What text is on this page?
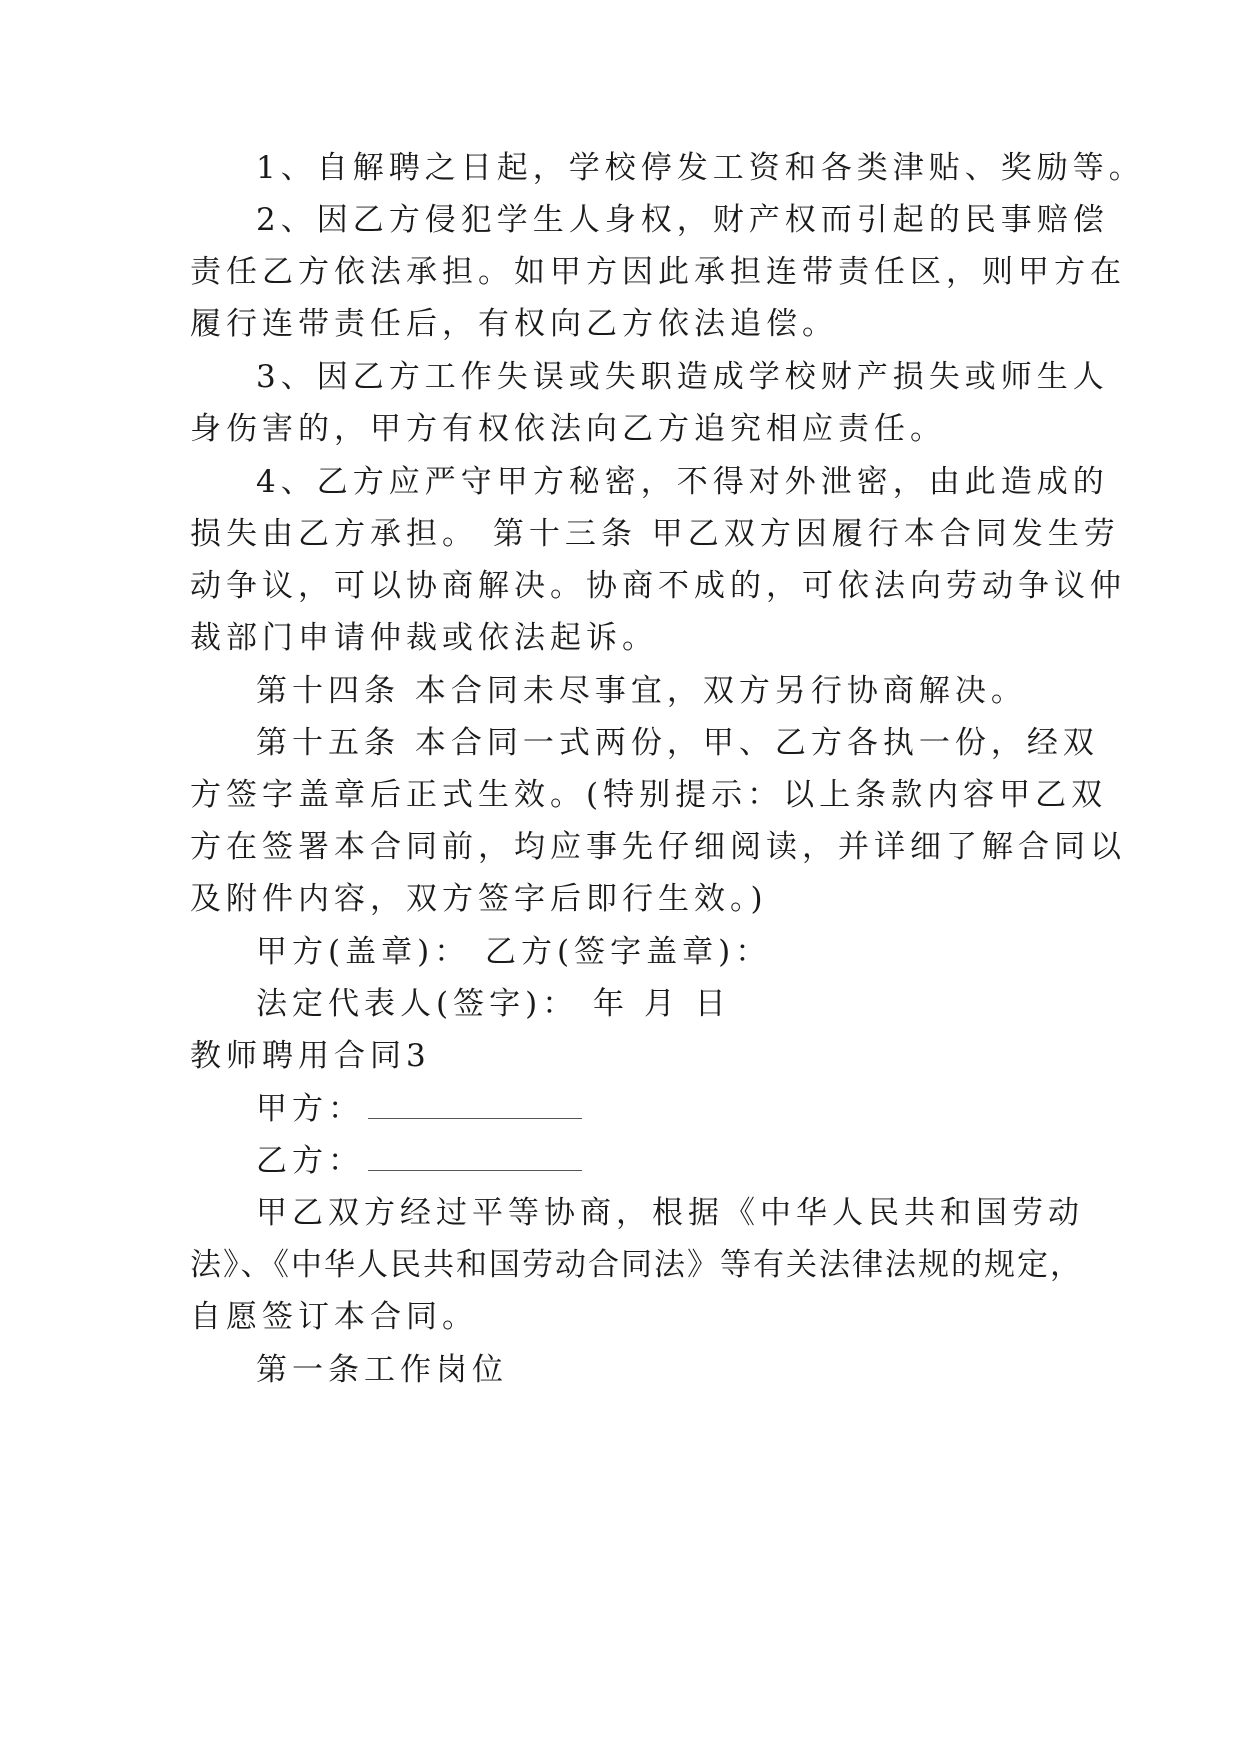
1、自解聘之日起，学校停发工资和各类津贴、奖励等。
2、因乙方侵犯学生人身权，财产权而引起的民事赔偿
责任乙方依法承担。如甲方因此承担连带责任区，则甲方在
履行连带责任后，有权向乙方依法追偿。
3、因乙方工作失误或失职造成学校财产损失或师生人
身伤害的，甲方有权依法向乙方追究相应责任。
4、乙方应严守甲方秘密，不得对外泄密，由此造成的
损失由乙方承担。 第十三条 甲乙双方因履行本合同发生劳
动争议，可以协商解决。协商不成的，可依法向劳动争议仲
裁部门申请仲裁或依法起诉。
第十四条 本合同未尽事宜，双方另行协商解决。
第十五条 本合同一式两份，甲、乙方各执一份，经双
方签字盖章后正式生效。(特别提示：以上条款内容甲乙双
方在签署本合同前，均应事先仔细阅读，并详细了解合同以
及附件内容，双方签字后即行生效。)
甲方(盖章)： 乙方(签字盖章)：
法定代表人(签字)： 年 月 日
教师聘用合同3
甲方：
乙方：
甲乙双方经过平等协商，根据《中华人民共和国劳动
法》、《中华人民共和国劳动合同法》等有关法律法规的规定，
自愿签订本合同。
第一条工作岗位
